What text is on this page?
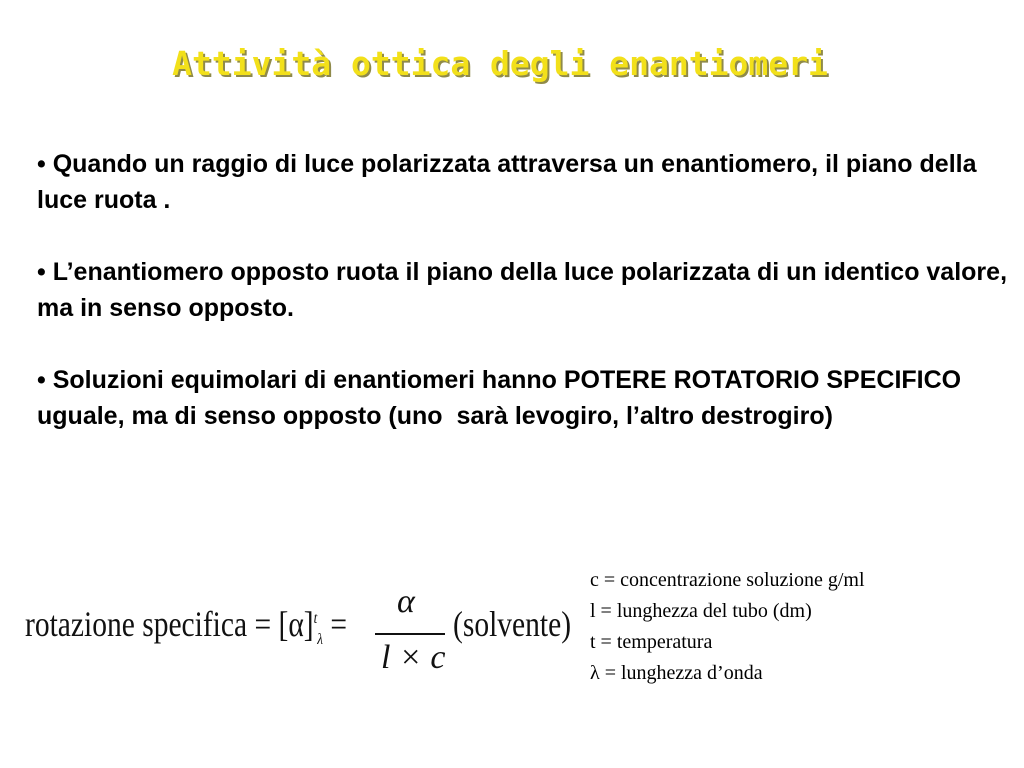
Attività ottica degli enantiomeri
• Quando un raggio di luce polarizzata attraversa un enantiomero, il piano della luce ruota .
• L’enantiomero opposto ruota il piano della luce polarizzata di un identico valore, ma in senso opposto.
• Soluzioni equimolari di enantiomeri hanno POTERE ROTATORIO SPECIFICO uguale, ma di senso opposto (uno  sarà levogiro, l’altro destrogiro)
rotazione specifica = $[\alpha]^t_\lambda$ =
α
l × c
(solvente)
c = concentrazione soluzione g/ml
l = lunghezza del tubo (dm)
t = temperatura
λ = lunghezza d’onda
